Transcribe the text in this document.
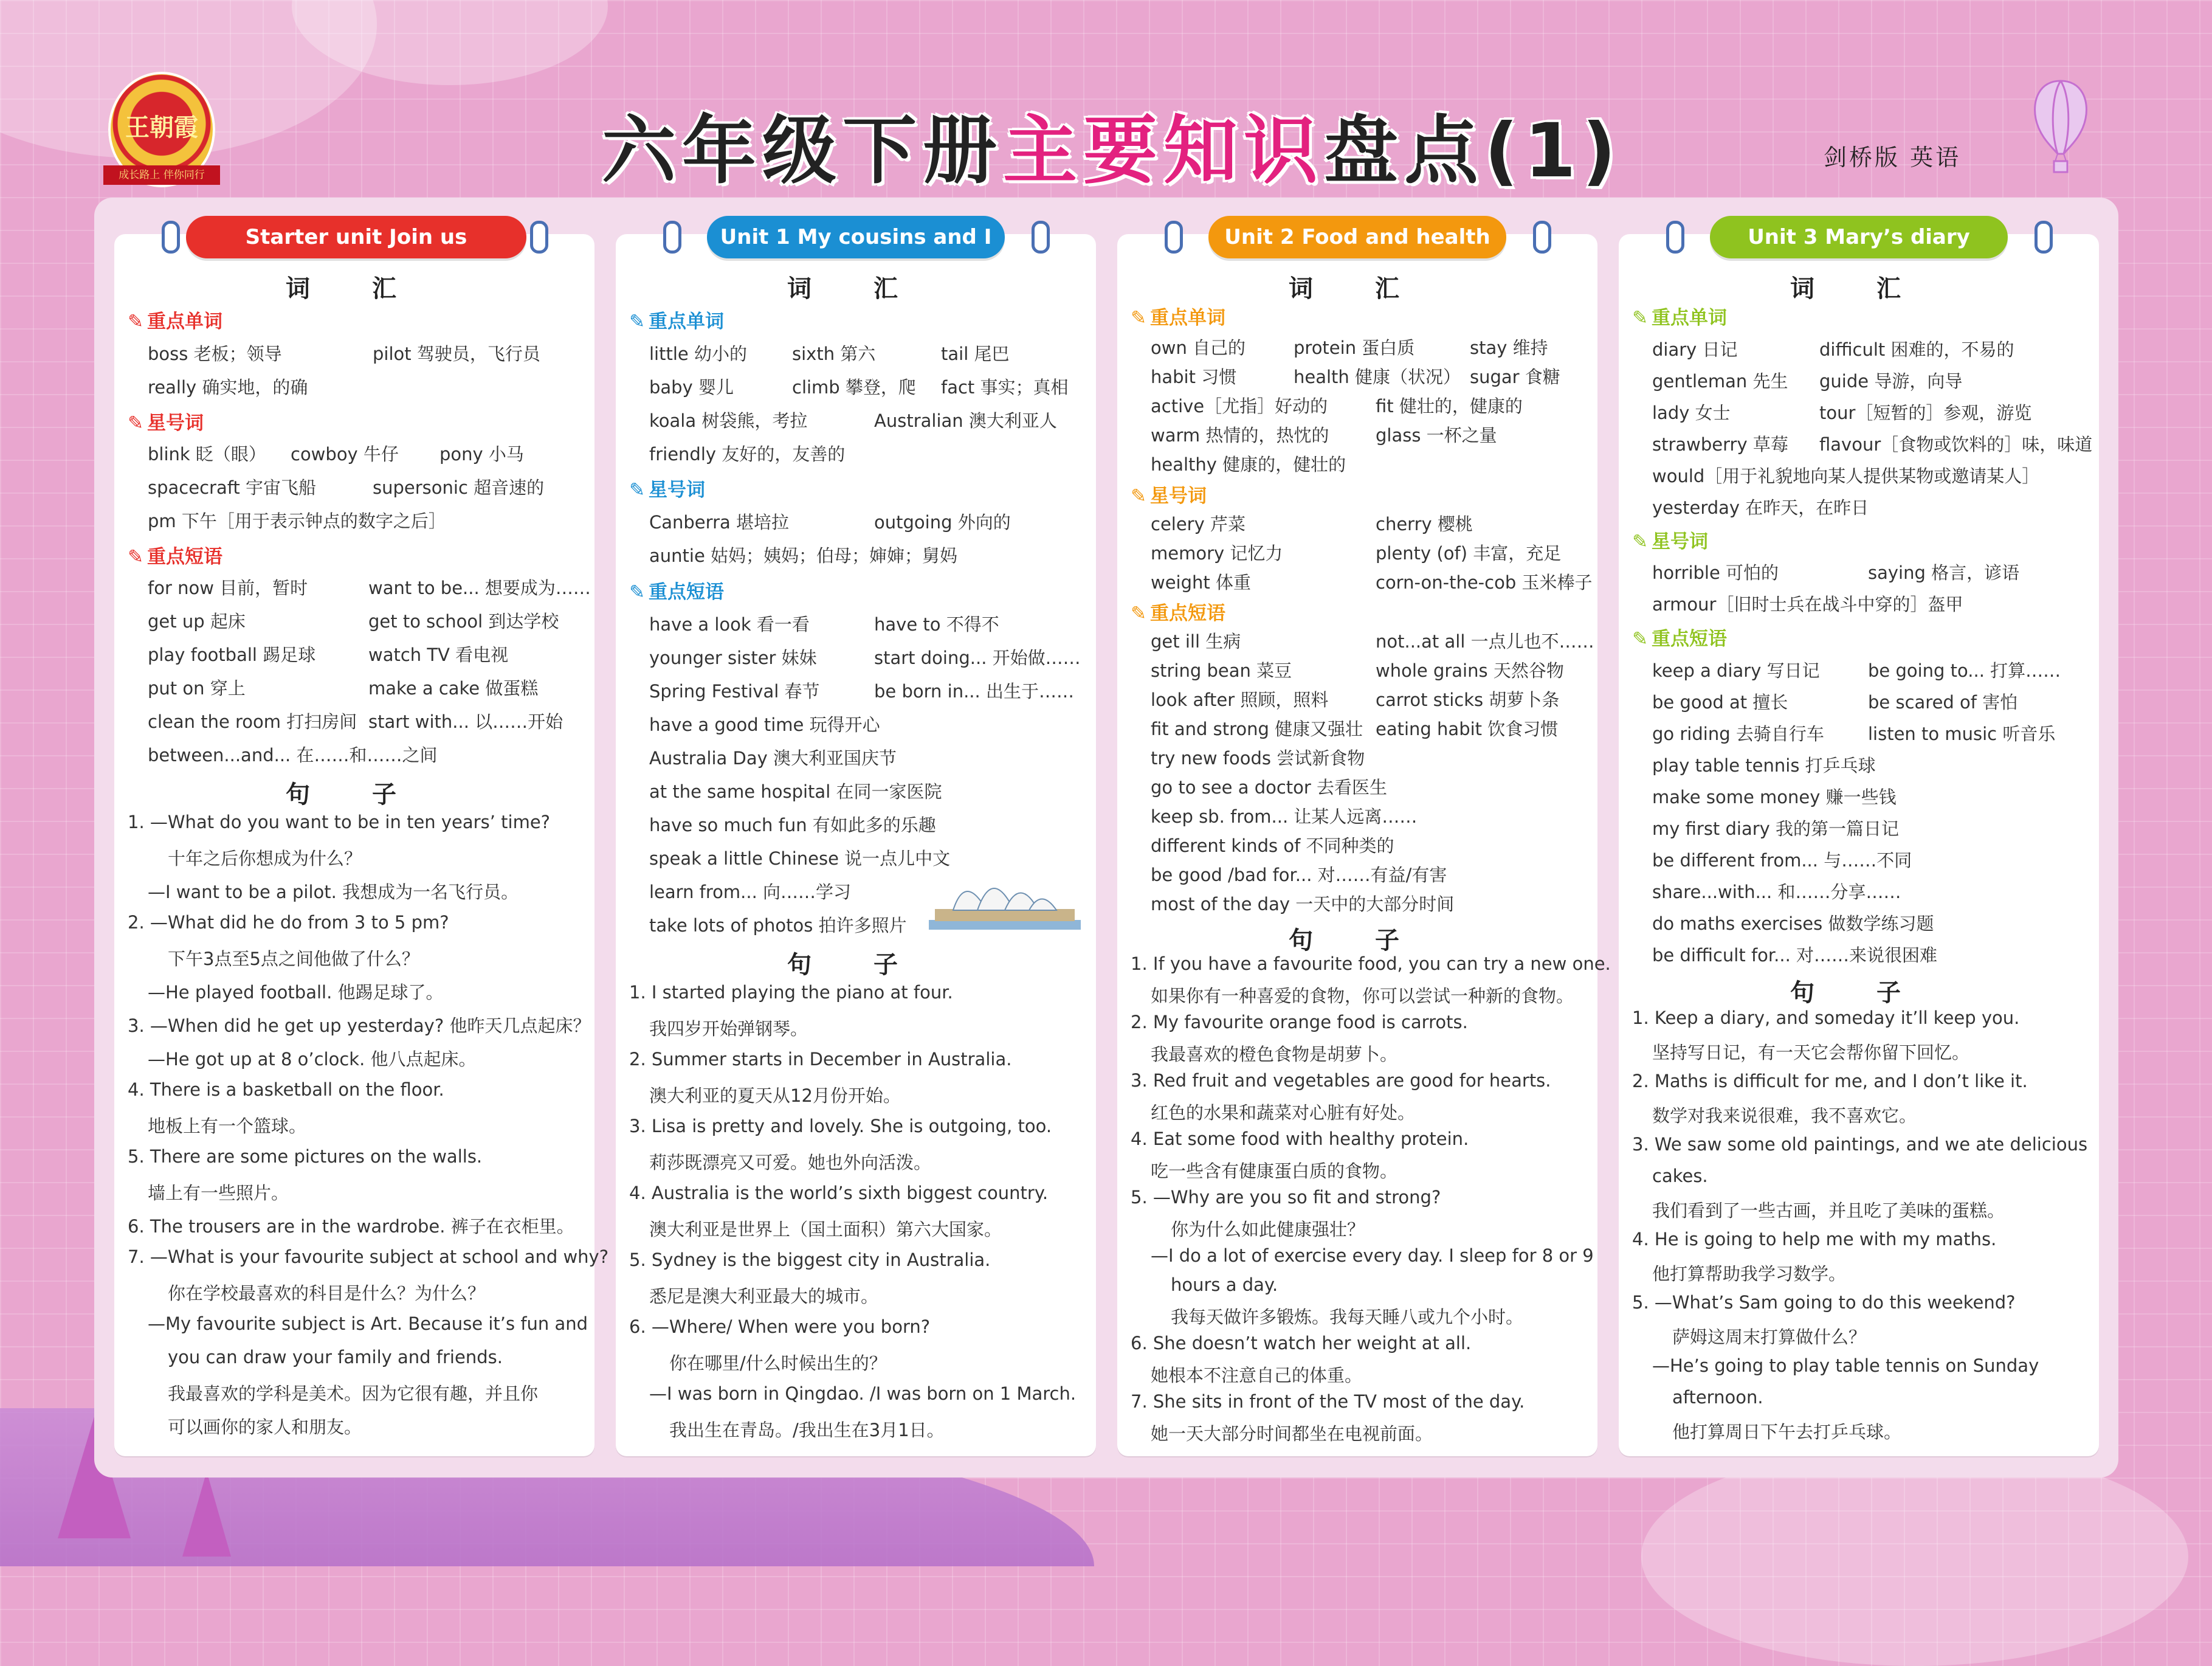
王朝霞
成长路上 伴你同行	六年级下册主要知识盘点(1)	剑桥版 英语
Starter unit Join us
词 汇
✎ 重点单词
boss 老板；领导	pilot 驾驶员，飞行员
really 确实地，的确
✎ 星号词
blink 眨（眼） cowboy 牛仔 pony 小马
spacecraft 宇宙飞船	supersonic 超音速的
pm 下午［用于表示钟点的数字之后］
✎ 重点短语
for now 目前，暂时	want to be... 想要成为……
get up 起床	get to school 到达学校
play football 踢足球	watch TV 看电视
put on 穿上	make a cake 做蛋糕
clean the room 打扫房间 start with... 以……开始
between...and... 在……和……之间
句 子
1. —What do you want to be in ten years’ time?
十年之后你想成为什么？
—I want to be a pilot. 我想成为一名飞行员。
2. —What did he do from 3 to 5 pm?
下午3点至5点之间他做了什么？
—He played football. 他踢足球了。
3. —When did he get up yesterday? 他昨天几点起床？
—He got up at 8 o’clock. 他八点起床。
4. There is a basketball on the floor.
地板上有一个篮球。
5. There are some pictures on the walls.
墙上有一些照片。
6. The trousers are in the wardrobe. 裤子在衣柜里。
7. —What is your favourite subject at school and why?
你在学校最喜欢的科目是什么？为什么？
—My favourite subject is Art. Because it’s fun and
you can draw your family and friends.
我最喜欢的学科是美术。因为它很有趣，并且你
可以画你的家人和朋友。
Unit 1 My cousins and I
词 汇
✎ 重点单词
little 幼小的	sixth 第六	tail 尾巴
baby 婴儿	climb 攀登，爬 fact 事实；真相
koala 树袋熊，考拉	Australian 澳大利亚人
friendly 友好的，友善的
✎ 星号词
Canberra 堪培拉	outgoing 外向的
auntie 姑妈；姨妈；伯母；婶婶；舅妈
✎ 重点短语
have a look 看一看	have to 不得不
younger sister 妹妹	start doing... 开始做……
Spring Festival 春节	be born in... 出生于……
have a good time 玩得开心
Australia Day 澳大利亚国庆节
at the same hospital 在同一家医院
have so much fun 有如此多的乐趣
speak a little Chinese 说一点儿中文
learn from... 向……学习
take lots of photos 拍许多照片
句 子
1. I started playing the piano at four.
我四岁开始弹钢琴。
2. Summer starts in December in Australia.
澳大利亚的夏天从12月份开始。
3. Lisa is pretty and lovely. She is outgoing, too.
莉莎既漂亮又可爱。她也外向活泼。
4. Australia is the world’s sixth biggest country.
澳大利亚是世界上（国土面积）第六大国家。
5. Sydney is the biggest city in Australia.
悉尼是澳大利亚最大的城市。
6. —Where/ When were you born?
你在哪里/什么时候出生的？
—I was born in Qingdao. /I was born on 1 March.
我出生在青岛。/我出生在3月1日。
Unit 2 Food and health
词 汇
✎ 重点单词
own 自己的	protein 蛋白质	stay 维持
habit 习惯	health 健康（状况） sugar 食糖
active［尤指］好动的	fit 健壮的，健康的
warm 热情的，热忱的	glass 一杯之量
healthy 健康的，健壮的
✎ 星号词
celery 芹菜	cherry 樱桃
memory 记忆力	plenty (of) 丰富，充足
weight 体重	corn-on-the-cob 玉米棒子
✎ 重点短语
get ill 生病	not...at all 一点儿也不……
string bean 菜豆	whole grains 天然谷物
look after 照顾，照料	carrot sticks 胡萝卜条
fit and strong 健康又强壮 eating habit 饮食习惯
try new foods 尝试新食物
go to see a doctor 去看医生
keep sb. from... 让某人远离……
different kinds of 不同种类的
be good /bad for... 对……有益/有害
most of the day 一天中的大部分时间
句 子
1. If you have a favourite food, you can try a new one.
如果你有一种喜爱的食物，你可以尝试一种新的食物。
2. My favourite orange food is carrots.
我最喜欢的橙色食物是胡萝卜。
3. Red fruit and vegetables are good for hearts.
红色的水果和蔬菜对心脏有好处。
4. Eat some food with healthy protein.
吃一些含有健康蛋白质的食物。
5. —Why are you so fit and strong?
你为什么如此健康强壮？
—I do a lot of exercise every day. I sleep for 8 or 9
hours a day.
我每天做许多锻炼。我每天睡八或九个小时。
6. She doesn’t watch her weight at all.
她根本不注意自己的体重。
7. She sits in front of the TV most of the day.
她一天大部分时间都坐在电视前面。
Unit 3 Mary’s diary
词 汇
✎ 重点单词
diary 日记	difficult 困难的，不易的
gentleman 先生 guide 导游，向导
lady 女士	tour［短暂的］参观，游览
strawberry 草莓 flavour［食物或饮料的］味，味道
would［用于礼貌地向某人提供某物或邀请某人］
yesterday 在昨天，在昨日
✎ 星号词
horrible 可怕的	saying 格言，谚语
armour［旧时士兵在战斗中穿的］盔甲
✎ 重点短语
keep a diary 写日记	be going to... 打算……
be good at 擅长	be scared of 害怕
go riding 去骑自行车 listen to music 听音乐
play table tennis 打乒乓球
make some money 赚一些钱
my first diary 我的第一篇日记
be different from... 与……不同
share...with... 和……分享……
do maths exercises 做数学练习题
be difficult for... 对……来说很困难
句 子
1. Keep a diary, and someday it’ll keep you.
坚持写日记，有一天它会帮你留下回忆。
2. Maths is difficult for me, and I don’t like it.
数学对我来说很难，我不喜欢它。
3. We saw some old paintings, and we ate delicious
cakes.
我们看到了一些古画，并且吃了美味的蛋糕。
4. He is going to help me with my maths.
他打算帮助我学习数学。
5. —What’s Sam going to do this weekend?
萨姆这周末打算做什么？
—He’s going to play table tennis on Sunday
afternoon.
他打算周日下午去打乒乓球。
